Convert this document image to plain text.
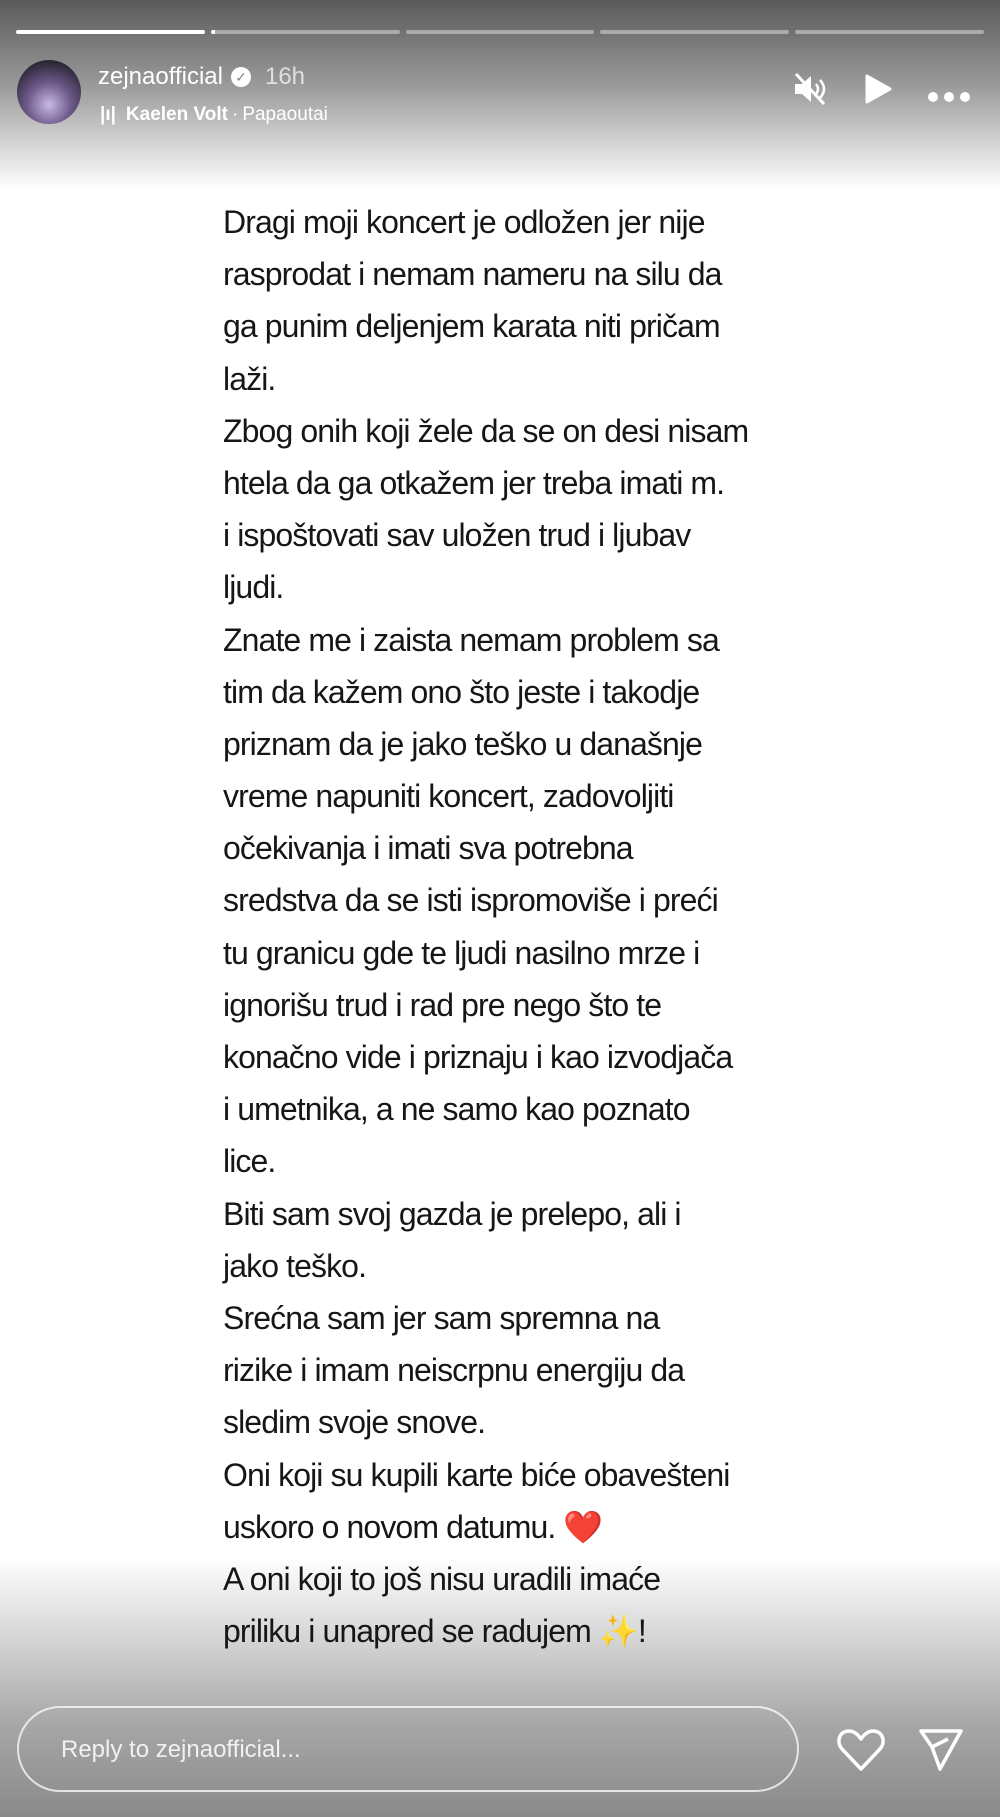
zejnaofficial ✓ 16h
|ı| Kaelen Volt · Papaoutai
Dragi moji koncert je odložen jer nije
rasprodat i nemam nameru na silu da
ga punim deljenjem karata niti pričam
laži.
Zbog onih koji žele da se on desi nisam
htela da ga otkažem jer treba imati m.
i ispoštovati sav uložen trud i ljubav
ljudi.
Znate me i zaista nemam problem sa
tim da kažem ono što jeste i takodje
priznam da je jako teško u današnje
vreme napuniti koncert, zadovoljiti
očekivanja i imati sva potrebna
sredstva da se isti ispromoviše i preći
tu granicu gde te ljudi nasilno mrze i
ignorišu trud i rad pre nego što te
konačno vide i priznaju i kao izvodjača
i umetnika, a ne samo kao poznato
lice.
Biti sam svoj gazda je prelepo, ali i
jako teško.
Srećna sam jer sam spremna na
rizike i imam neiscrpnu energiju da
sledim svoje snove.
Oni koji su kupili karte biće obavešteni
uskoro o novom datumu. ❤️
A oni koji to još nisu uradili imaće
priliku i unapred se radujem ✨!
Reply to zejnaofficial...
